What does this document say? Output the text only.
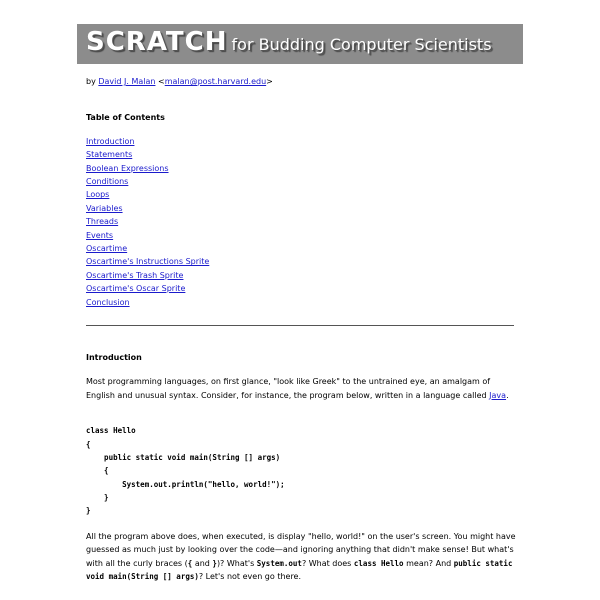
SCRATCH for Budding Computer Scientists
by David J. Malan <malan@post.harvard.edu>
Table of Contents
Introduction
Statements
Boolean Expressions
Conditions
Loops
Variables
Threads
Events
Oscartime
Oscartime's Instructions Sprite
Oscartime's Trash Sprite
Oscartime's Oscar Sprite
Conclusion
Introduction

Most programming languages, on first glance, "look like Greek" to the untrained eye, an amalgam of English and unusual syntax. Consider, for instance, the program below, written in a language called Java.

class Hello
{
public static void main(String [] args)
{
System.out.println("hello, world!");
}
}

All the program above does, when executed, is display "hello, world!" on the user's screen. You might have guessed as much just by looking over the code—and ignoring anything that didn't make sense! But what's with all the curly braces ({ and })? What's System.out? What does class Hello mean? And public static void main(String [] args)? Let's not even go there.
